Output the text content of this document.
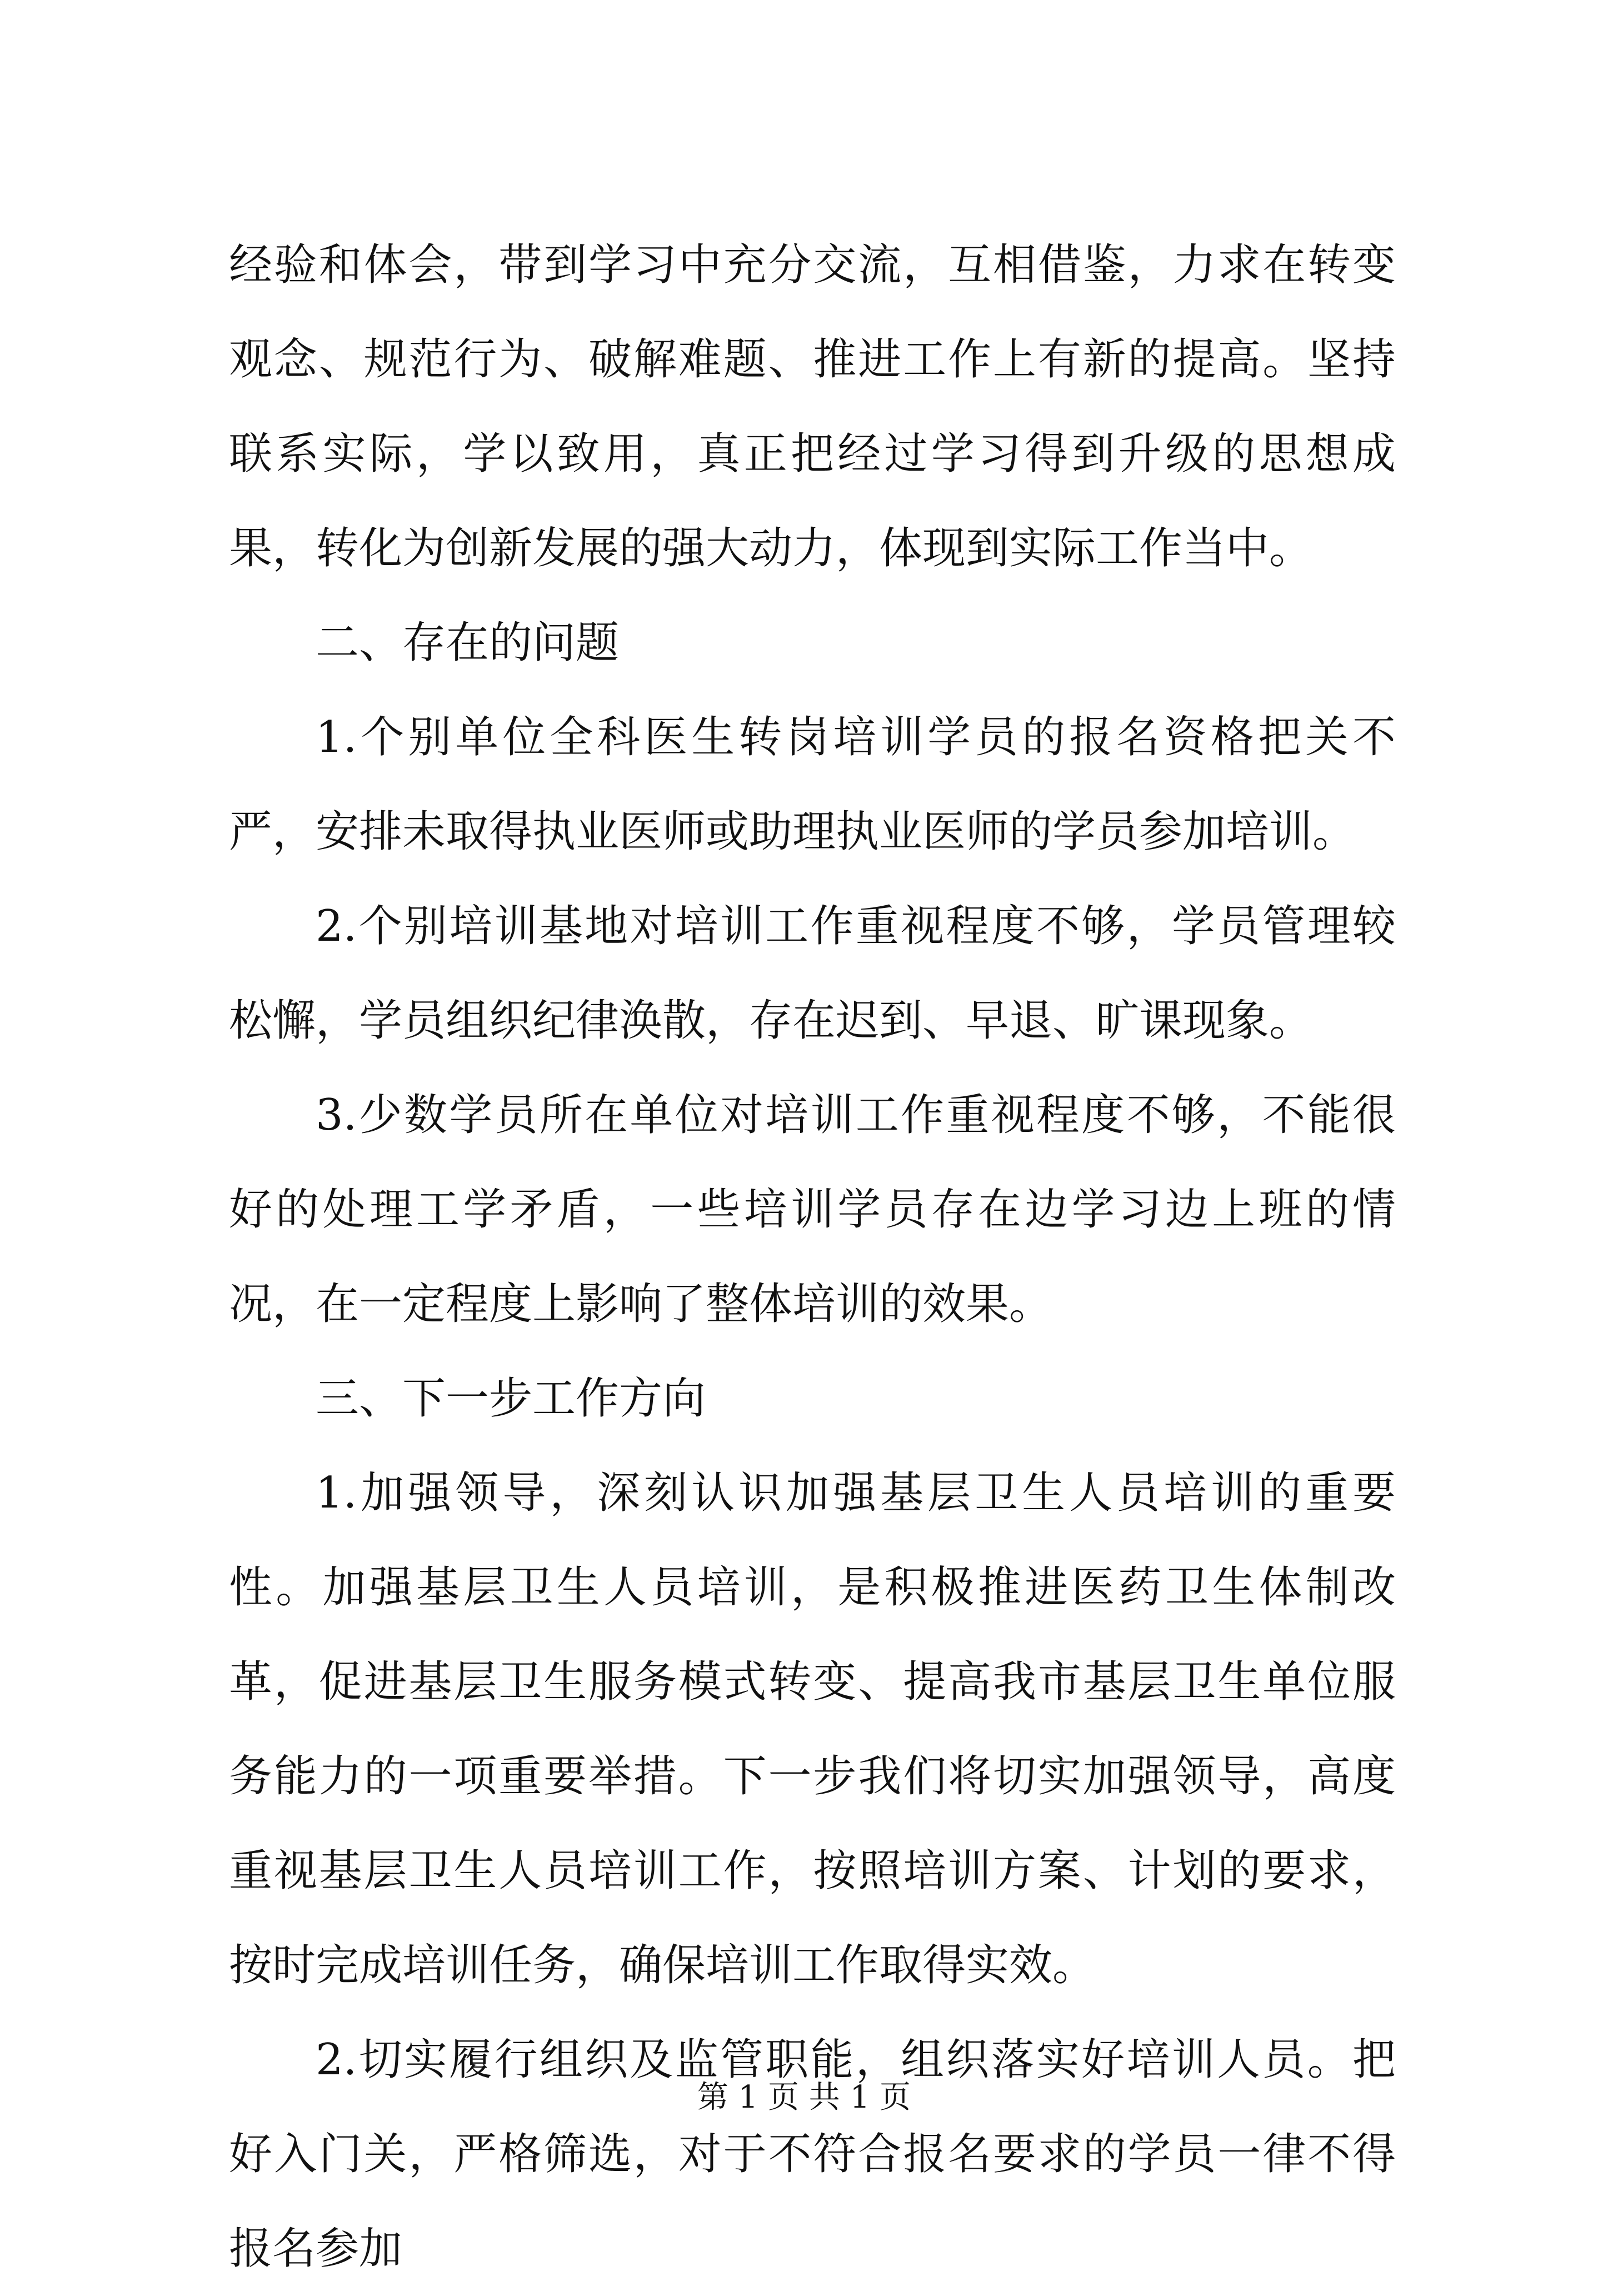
经验和体会，带到学习中充分交流，互相借鉴，力求在转变观念、规范行为、破解难题、推进工作上有新的提高。坚持联系实际，学以致用，真正把经过学习得到升级的思想成果，转化为创新发展的强大动力，体现到实际工作当中。

二、存在的问题

1.个别单位全科医生转岗培训学员的报名资格把关不严，安排未取得执业医师或助理执业医师的学员参加培训。

2.个别培训基地对培训工作重视程度不够，学员管理较松懈，学员组织纪律涣散，存在迟到、早退、旷课现象。

3.少数学员所在单位对培训工作重视程度不够，不能很好的处理工学矛盾，一些培训学员存在边学习边上班的情况，在一定程度上影响了整体培训的效果。

三、下一步工作方向

1.加强领导，深刻认识加强基层卫生人员培训的重要性。加强基层卫生人员培训，是积极推进医药卫生体制改革，促进基层卫生服务模式转变、提高我市基层卫生单位服务能力的一项重要举措。下一步我们将切实加强领导，高度重视基层卫生人员培训工作，按照培训方案、计划的要求，按时完成培训任务，确保培训工作取得实效。

2.切实履行组织及监管职能，组织落实好培训人员。把好入门关，严格筛选，对于不符合报名要求的学员一律不得报名参加

第 1 页 共 1 页
